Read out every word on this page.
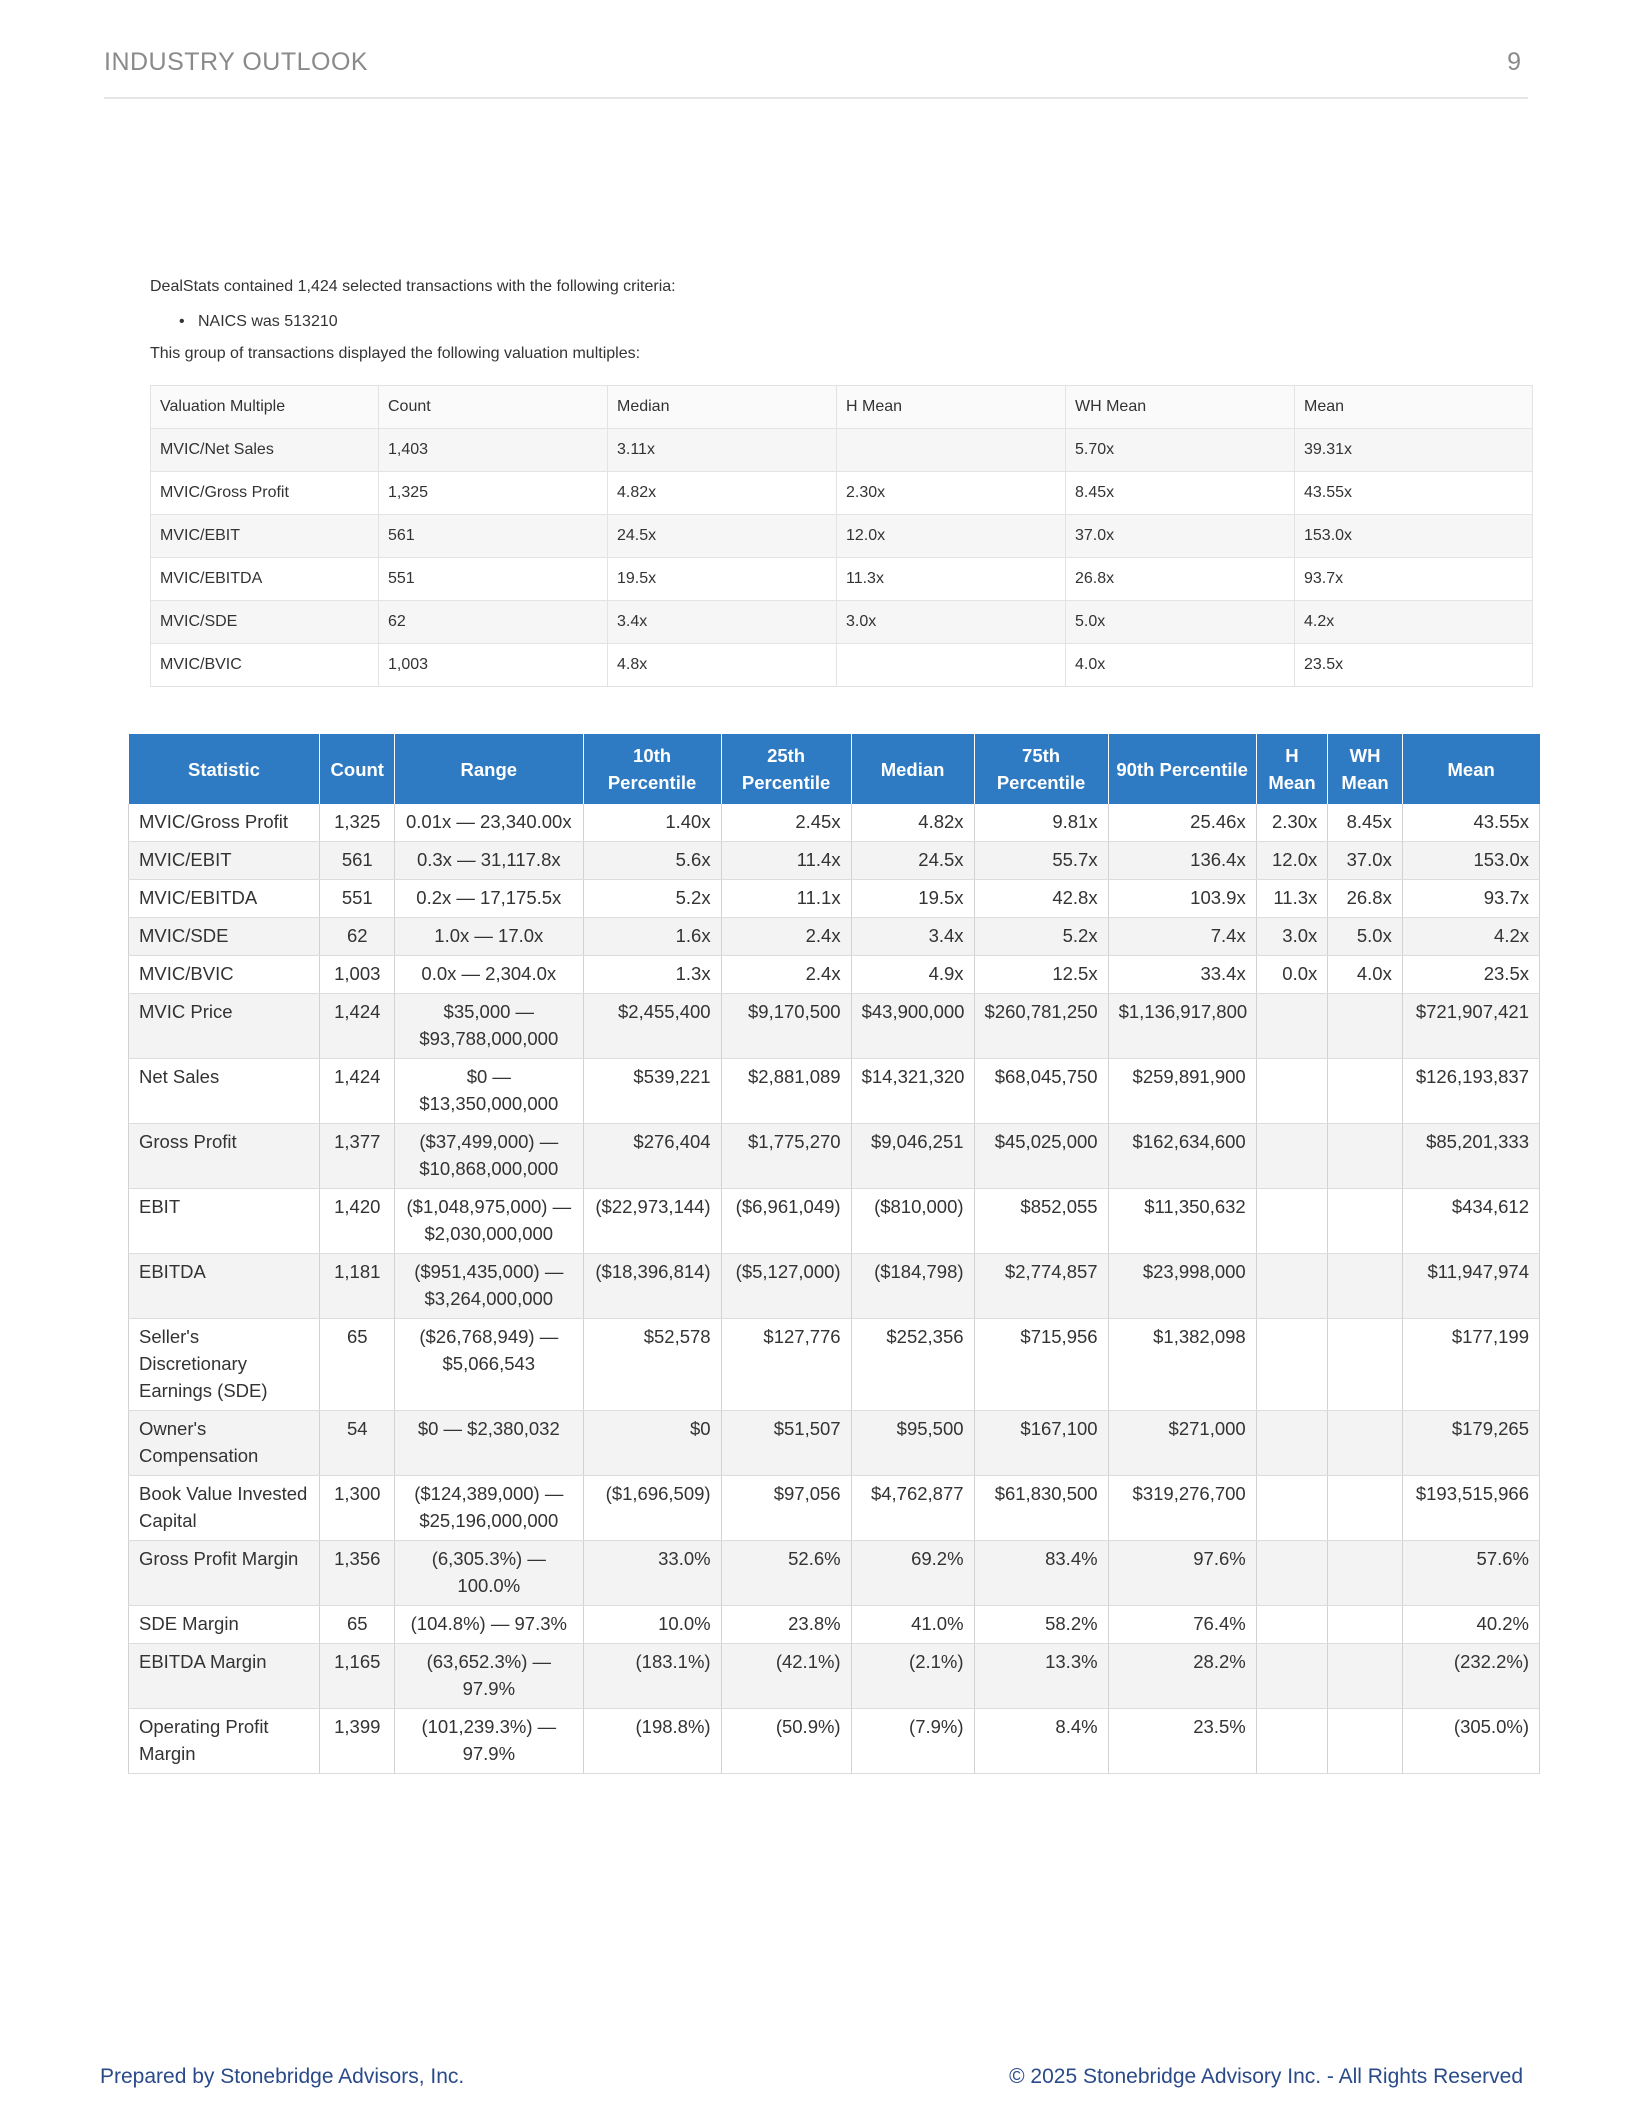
INDUSTRY OUTLOOK	9

DealStats contained 1,424 selected transactions with the following criteria:

• NAICS was 513210

This group of transactions displayed the following valuation multiples:

Valuation Multiple	Count	Median	H Mean	WH Mean	Mean
MVIC/Net Sales	1,403	3.11x		5.70x	39.31x
MVIC/Gross Profit	1,325	4.82x	2.30x	8.45x	43.55x
MVIC/EBIT	561	24.5x	12.0x	37.0x	153.0x
MVIC/EBITDA	551	19.5x	11.3x	26.8x	93.7x
MVIC/SDE	62	3.4x	3.0x	5.0x	4.2x
MVIC/BVIC	1,003	4.8x		4.0x	23.5x
Statistic	Count	Range	10th Percentile	25th Percentile	Median	75th Percentile	90th Percentile	H Mean	WH Mean	Mean
MVIC/Gross Profit	1,325	0.01x — 23,340.00x	1.40x	2.45x	4.82x	9.81x	25.46x	2.30x	8.45x	43.55x
MVIC/EBIT	561	0.3x — 31,117.8x	5.6x	11.4x	24.5x	55.7x	136.4x	12.0x	37.0x	153.0x
MVIC/EBITDA	551	0.2x — 17,175.5x	5.2x	11.1x	19.5x	42.8x	103.9x	11.3x	26.8x	93.7x
MVIC/SDE	62	1.0x — 17.0x	1.6x	2.4x	3.4x	5.2x	7.4x	3.0x	5.0x	4.2x
MVIC/BVIC	1,003	0.0x — 2,304.0x	1.3x	2.4x	4.9x	12.5x	33.4x	0.0x	4.0x	23.5x
MVIC Price	1,424	$35,000 — $93,788,000,000	$2,455,400	$9,170,500	$43,900,000	$260,781,250	$1,136,917,800			$721,907,421
Net Sales	1,424	$0 — $13,350,000,000	$539,221	$2,881,089	$14,321,320	$68,045,750	$259,891,900			$126,193,837
Gross Profit	1,377	($37,499,000) — $10,868,000,000	$276,404	$1,775,270	$9,046,251	$45,025,000	$162,634,600			$85,201,333
EBIT	1,420	($1,048,975,000) — $2,030,000,000	($22,973,144)	($6,961,049)	($810,000)	$852,055	$11,350,632			$434,612
EBITDA	1,181	($951,435,000) — $3,264,000,000	($18,396,814)	($5,127,000)	($184,798)	$2,774,857	$23,998,000			$11,947,974
Seller's Discretionary Earnings (SDE)	65	($26,768,949) — $5,066,543	$52,578	$127,776	$252,356	$715,956	$1,382,098			$177,199
Owner's Compensation	54	$0 — $2,380,032	$0	$51,507	$95,500	$167,100	$271,000			$179,265
Book Value Invested Capital	1,300	($124,389,000) — $25,196,000,000	($1,696,509)	$97,056	$4,762,877	$61,830,500	$319,276,700			$193,515,966
Gross Profit Margin	1,356	(6,305.3%) — 100.0%	33.0%	52.6%	69.2%	83.4%	97.6%			57.6%
SDE Margin	65	(104.8%) — 97.3%	10.0%	23.8%	41.0%	58.2%	76.4%			40.2%
EBITDA Margin	1,165	(63,652.3%) — 97.9%	(183.1%)	(42.1%)	(2.1%)	13.3%	28.2%			(232.2%)
Operating Profit Margin	1,399	(101,239.3%) — 97.9%	(198.8%)	(50.9%)	(7.9%)	8.4%	23.5%			(305.0%)
Prepared by Stonebridge Advisors, Inc.	© 2025 Stonebridge Advisory Inc. - All Rights Reserved
